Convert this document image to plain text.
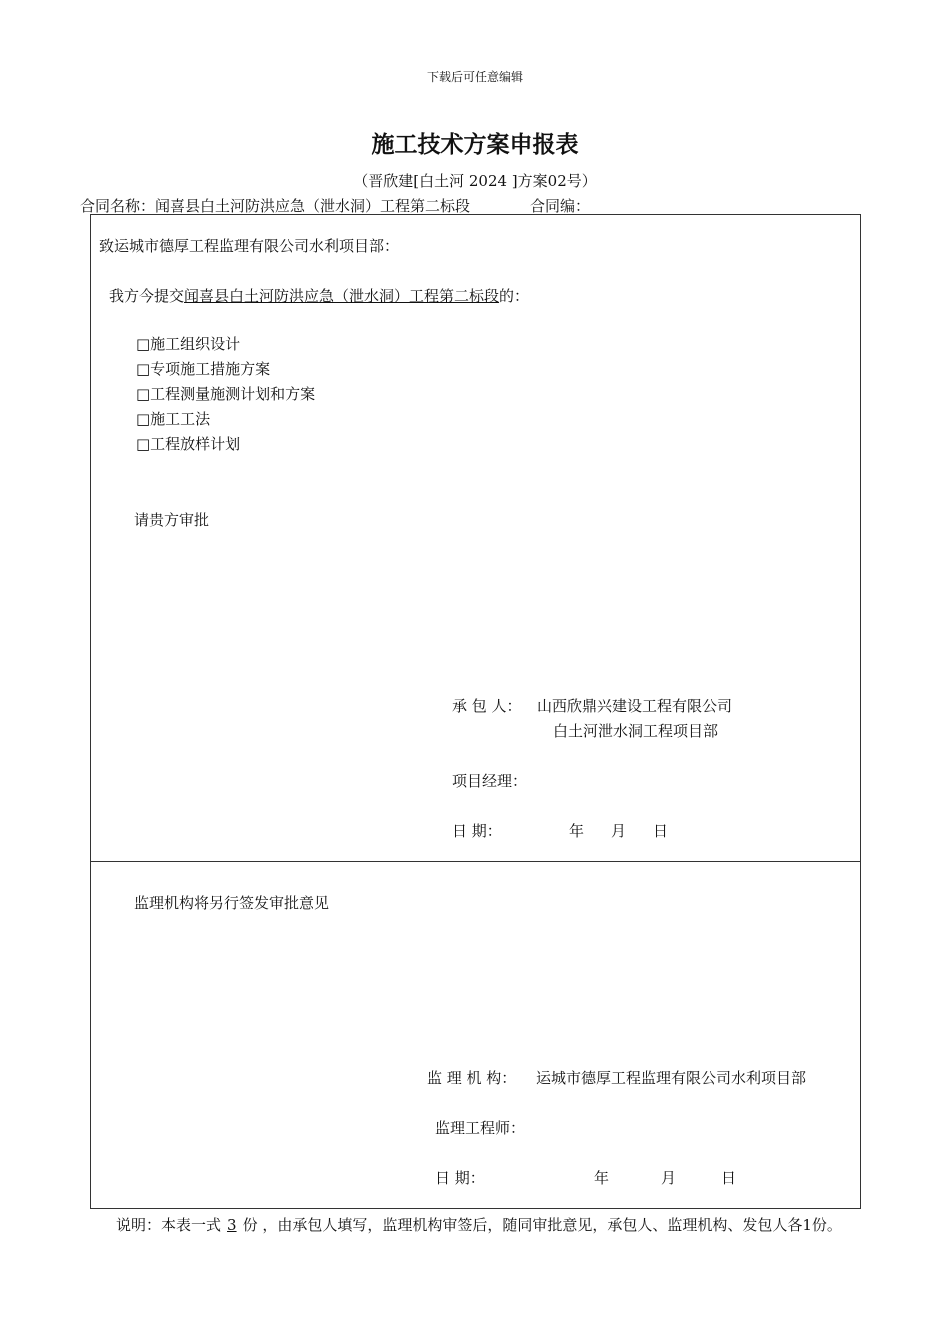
下载后可任意编辑
施工技术方案申报表
（晋欣建[白土河 2024 ]方案02号）
合同名称：闻喜县白土河防洪应急（泄水洞）工程第二标段	合同编：
致运城市德厚工程监理有限公司水利项目部：
我方今提交闻喜县白土河防洪应急（泄水洞）工程第二标段的：
□施工组织设计
□专项施工措施方案
□工程测量施测计划和方案
□施工工法
□工程放样计划
请贵方审批
承 包 人： 山西欣鼎兴建设工程有限公司
白土河泄水洞工程项目部
项目经理：
日 期：	年 月 日
监理机构将另行签发审批意见
监 理 机 构： 运城市德厚工程监理有限公司水利项目部
监理工程师：
日 期：	年	月	日
说明：本表一式 3 份 ，由承包人填写，监理机构审签后，随同审批意见，承包人、监理机构、发包人各1份。
